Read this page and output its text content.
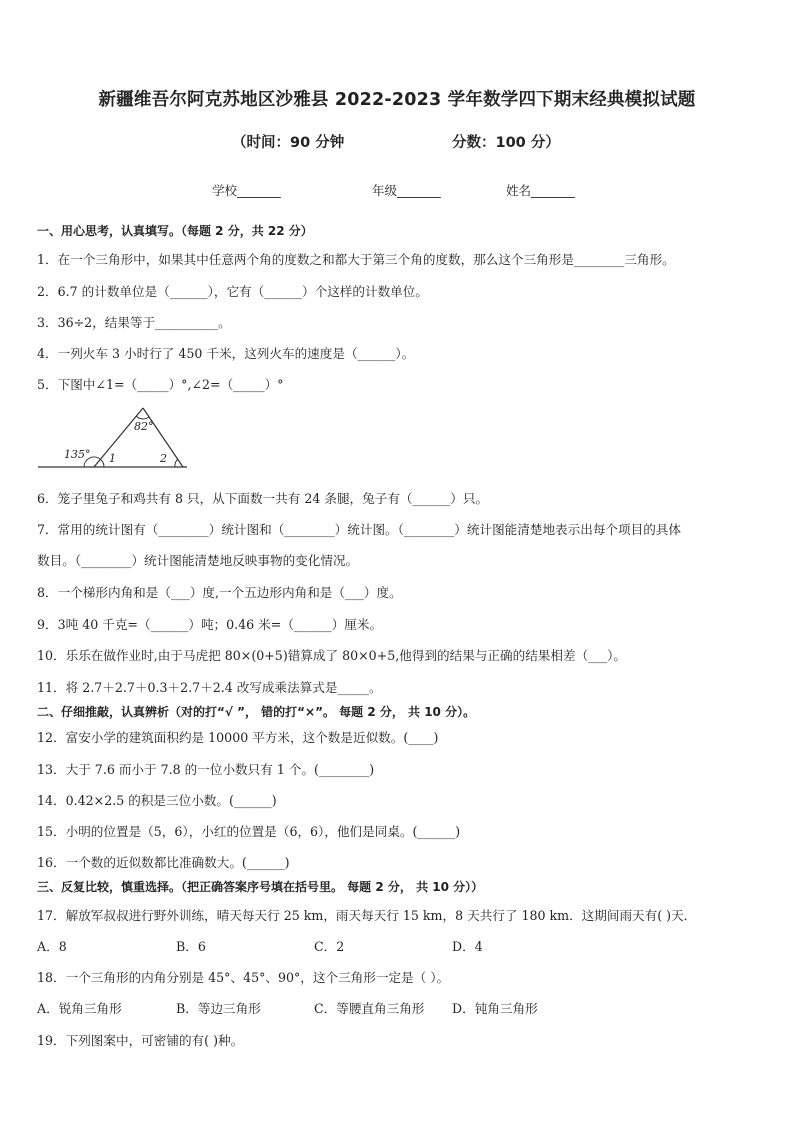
新疆维吾尔阿克苏地区沙雅县 2022-2023 学年数学四下期末经典模拟试题
（时间：90 分钟	分数：100 分）
学校_______	年级_______	姓名_______
一、用心思考，认真填写。（每题 2 分，共 22 分）
1．在一个三角形中，如果其中任意两个角的度数之和都大于第三个角的度数，那么这个三角形是________三角形。
2．6.7 的计数单位是（______），它有（______）个这样的计数单位。
3．36÷2，结果等于__________。
4．一列火车 3 小时行了 450 千米，这列火车的速度是（______）。
5．下图中∠1=（_____）°,∠2=（_____）°
135°
82°
1	2
6．笼子里兔子和鸡共有 8 只，从下面数一共有 24 条腿，兔子有（______）只。
7．常用的统计图有（________）统计图和（________）统计图。（________）统计图能清楚地表示出每个项目的具体
数目。（________）统计图能清楚地反映事物的变化情况。
8．一个梯形内角和是（___）度,一个五边形内角和是（___）度。
9．3吨 40 千克=（______）吨；0.46 米=（______）厘米。
10．乐乐在做作业时,由于马虎把 80×(0+5)错算成了 80×0+5,他得到的结果与正确的结果相差（___）。
11．将 2.7＋2.7＋0.3＋2.7＋2.4 改写成乘法算式是_____。
二、仔细推敲，认真辨析（对的打“√ ”， 错的打“×”。 每题 2 分， 共 10 分）。
12．富安小学的建筑面积约是 10000 平方米，这个数是近似数。(____)
13．大于 7.6 而小于 7.8 的一位小数只有 1 个。(________)
14．0.42×2.5 的积是三位小数。(______)
15．小明的位置是（5，6），小红的位置是（6，6），他们是同桌。(______)
16．一个数的近似数都比准确数大。(______)
三、反复比较，慎重选择。（把正确答案序号填在括号里。 每题 2 分， 共 10 分））
17．解放军叔叔进行野外训练，晴天每天行 25 km，雨天每天行 15 km，8 天共行了 180 km．这期间雨天有( )天．
A．8	B．6	C．2	D．4
18．一个三角形的内角分别是 45°、45°、90°，这个三角形一定是（ ）。
A．锐角三角形	B．等边三角形	C．等腰直角三角形 D．钝角三角形
19．下列图案中，可密铺的有( )种。
